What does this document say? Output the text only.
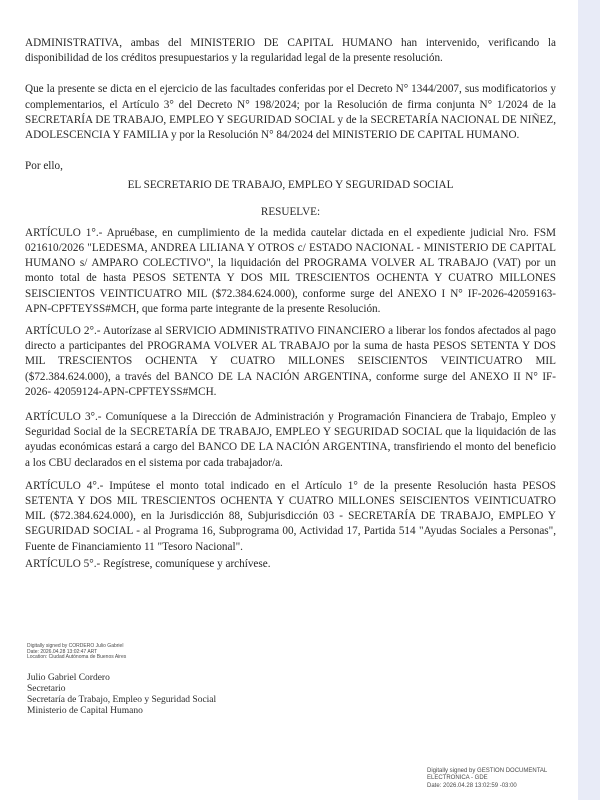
ADMINISTRATIVA, ambas del MINISTERIO DE CAPITAL HUMANO han intervenido, verificando la disponibilidad de los créditos presupuestarios y la regularidad legal de la presente resolución.

Que la presente se dicta en el ejercicio de las facultades conferidas por el Decreto N° 1344/2007, sus modificatorios y complementarios, el Artículo 3° del Decreto N° 198/2024; por la Resolución de firma conjunta N° 1/2024 de la SECRETARÍA DE TRABAJO, EMPLEO Y SEGURIDAD SOCIAL y de la SECRETARÍA NACIONAL DE NIÑEZ, ADOLESCENCIA Y FAMILIA y por la Resolución N° 84/2024 del MINISTERIO DE CAPITAL HUMANO.

Por ello,

EL SECRETARIO DE TRABAJO, EMPLEO Y SEGURIDAD SOCIAL

RESUELVE:

ARTÍCULO 1°.- Apruébase, en cumplimiento de la medida cautelar dictada en el expediente judicial Nro. FSM 021610/2026 "LEDESMA, ANDREA LILIANA Y OTROS c/ ESTADO NACIONAL - MINISTERIO DE CAPITAL HUMANO s/ AMPARO COLECTIVO", la liquidación del PROGRAMA VOLVER AL TRABAJO (VAT) por un monto total de hasta PESOS SETENTA Y DOS MIL TRESCIENTOS OCHENTA Y CUATRO MILLONES SEISCIENTOS VEINTICUATRO MIL ($72.384.624.000), conforme surge del ANEXO I N° IF-2026-42059163-APN-CPFTEYSS#MCH, que forma parte integrante de la presente Resolución.

ARTÍCULO 2°.- Autorízase al SERVICIO ADMINISTRATIVO FINANCIERO a liberar los fondos afectados al pago directo a participantes del PROGRAMA VOLVER AL TRABAJO por la suma de hasta PESOS SETENTA Y DOS MIL TRESCIENTOS OCHENTA Y CUATRO MILLONES SEISCIENTOS VEINTICUATRO MIL ($72.384.624.000), a través del BANCO DE LA NACIÓN ARGENTINA, conforme surge del ANEXO II N° IF-2026- 42059124-APN-CPFTEYSS#MCH.

ARTÍCULO 3°.- Comuníquese a la Dirección de Administración y Programación Financiera de Trabajo, Empleo y Seguridad Social de la SECRETARÍA DE TRABAJO, EMPLEO Y SEGURIDAD SOCIAL que la liquidación de las ayudas económicas estará a cargo del BANCO DE LA NACIÓN ARGENTINA, transfiriendo el monto del beneficio a los CBU declarados en el sistema por cada trabajador/a.

ARTÍCULO 4°.- Impútese el monto total indicado en el Artículo 1° de la presente Resolución hasta PESOS SETENTA Y DOS MIL TRESCIENTOS OCHENTA Y CUATRO MILLONES SEISCIENTOS VEINTICUATRO MIL ($72.384.624.000), en la Jurisdicción 88, Subjurisdicción 03 - SECRETARÍA DE TRABAJO, EMPLEO Y SEGURIDAD SOCIAL - al Programa 16, Subprograma 00, Actividad 17, Partida 514 "Ayudas Sociales a Personas", Fuente de Financiamiento 11 "Tesoro Nacional".

ARTÍCULO 5°.- Regístrese, comuníquese y archívese.

Digitally signed by CORDERO Julio Gabriel
Date: 2026.04.28 13:02:47 ART
Location: Ciudad Autónoma de Buenos Aires
Julio Gabriel Cordero
Secretario
Secretaría de Trabajo, Empleo y Seguridad Social
Ministerio de Capital Humano
Digitally signed by GESTION DOCUMENTAL
ELECTRONICA - GDE
Date: 2026.04.28 13:02:59 -03:00
